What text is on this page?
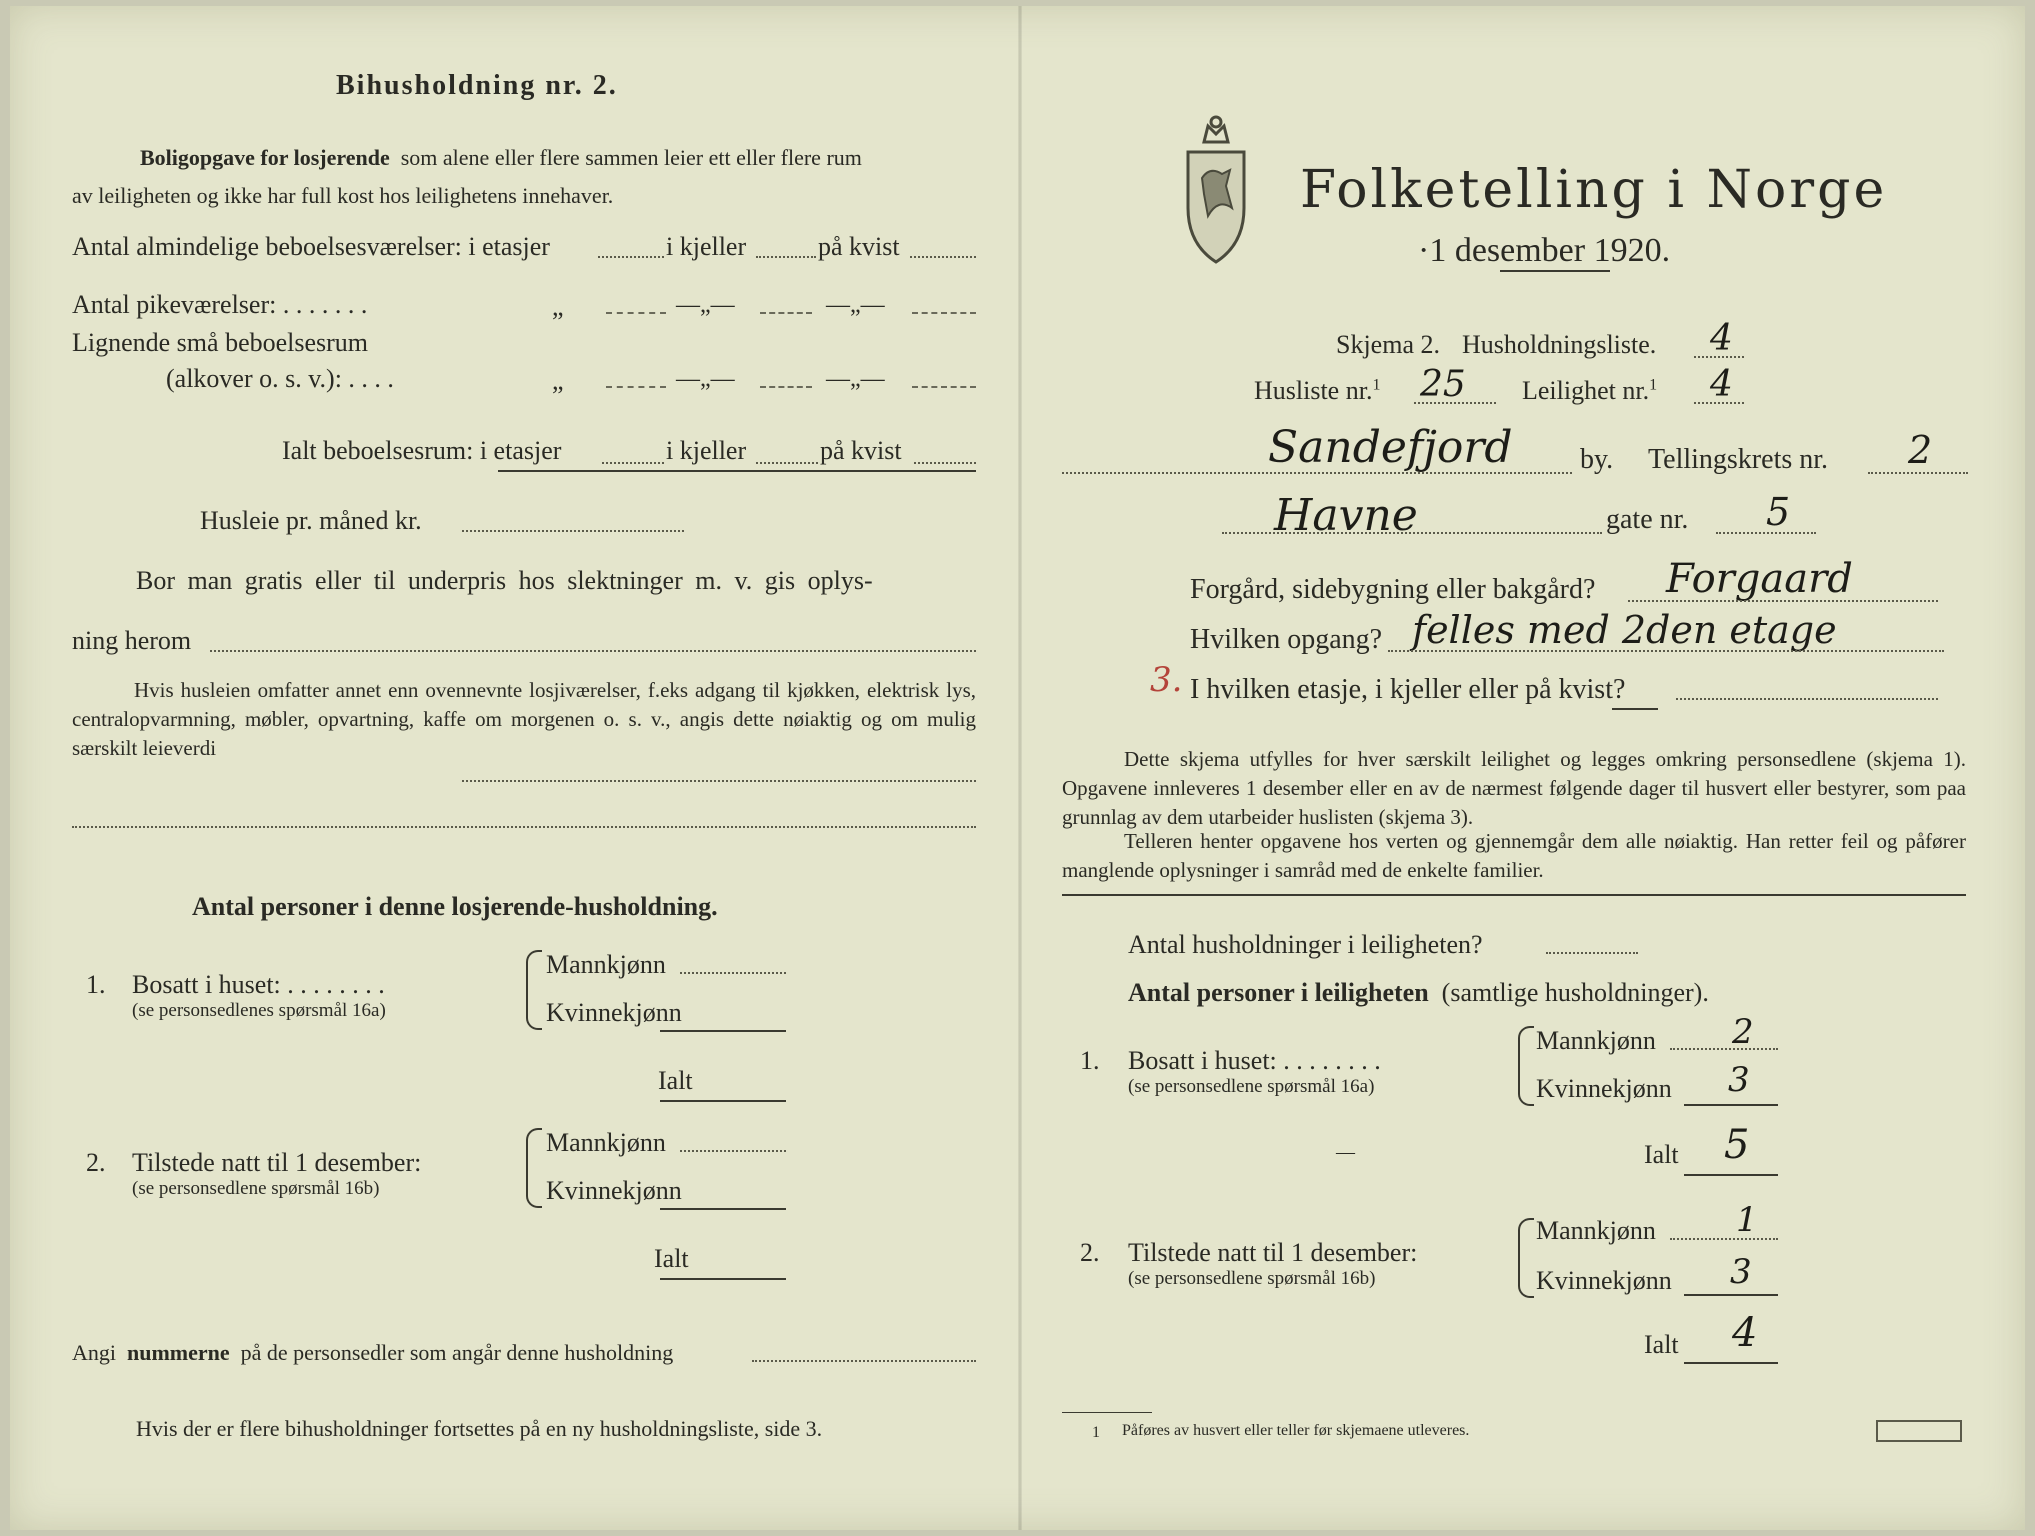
Bihusholdning nr. 2.
Boligopgave for losjerende som alene eller flere sammen leier ett eller flere rum
av leiligheten og ikke har full kost hos leilighetens innehaver.
Antal almindelige beboelsesværelser: i etasjer	i kjeller	på kvist
Antal pikeværelser: . . . . . . .	„	—„—	—„—
Lignende små beboelsesrum
(alkover o. s. v.): . . . .	„	—„—	—„—
Ialt beboelsesrum: i etasjer	i kjeller	på kvist
Husleie pr. måned kr.
Bor man gratis eller til underpris hos slektninger m. v. gis oplys-
ning herom
Hvis husleien omfatter annet enn ovennevnte losjiværelser, f.eks adgang til kjøkken, elektrisk lys, centralopvarmning, møbler, opvartning, kaffe om morgenen o. s. v., angis dette nøiaktig og om mulig særskilt leieverdi
Antal personer i denne losjerende-husholdning.
1. Bosatt i huset: . . . . . . . .
(se personsedlenes spørsmål 16a)
Mannkjønn
Kvinnekjønn
Ialt
2. Tilstede natt til 1 desember:
(se personsedlene spørsmål 16b)
Mannkjønn
Kvinnekjønn
Ialt
Angi nummerne på de personsedler som angår denne husholdning
Hvis der er flere bihusholdninger fortsettes på en ny husholdningsliste, side 3.
Folketelling i Norge
·1 desember 1920.
Skjema 2. Husholdningsliste. 4
Husliste nr.$^1$ 25 Leilighet nr.$^1$ 4
Sandefjord by. Tellingskrets nr. 2
Havne	gate nr. 5
Forgård, sidebygning eller bakgård? Forgaard
Hvilken opgang? felles med 2den etage
3. I hvilken etasje, i kjeller eller på kvist?
Dette skjema utfylles for hver særskilt leilighet og legges omkring personsedlene (skjema 1). Opgavene innleveres 1 desember eller en av de nærmest følgende dager til husvert eller bestyrer, som paa grunnlag av dem utarbeider huslisten (skjema 3).
Telleren henter opgavene hos verten og gjennemgår dem alle nøiaktig. Han retter feil og påfører manglende oplysninger i samråd med de enkelte familier.
Antal husholdninger i leiligheten?
Antal personer i leiligheten (samtlige husholdninger).
1. Bosatt i huset: . . . . . . . .
(se personsedlene spørsmål 16a)
Mannkjønn 2
Kvinnekjønn 3
—	Ialt 5
2. Tilstede natt til 1 desember:
(se personsedlene spørsmål 16b)
Mannkjønn 1
Kvinnekjønn 3
Ialt 4
1 Påføres av husvert eller teller før skjemaene utleveres.
